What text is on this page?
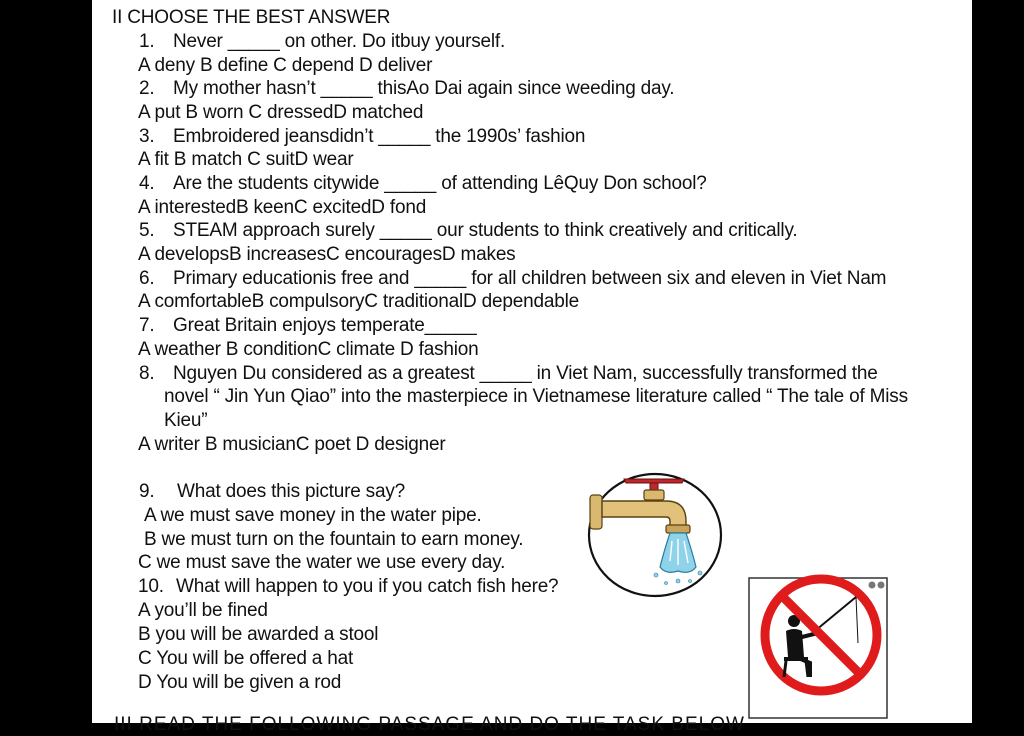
II CHOOSE THE BEST ANSWER
1. Never _____ on other. Do itbuy yourself.
A deny B define C depend D deliver
2. My mother hasn’t _____ thisAo Dai again since weeding day.
A put B worn C dressedD matched
3. Embroidered jeansdidn’t _____ the 1990s’ fashion
A fit B match C suitD wear
4. Are the students citywide _____ of attending LêQuy Don school?
A interestedB keenC excitedD fond
5. STEAM approach surely _____ our students to think creatively and critically.
A developsB increasesC encouragesD makes
6. Primary educationis free and _____ for all children between six and eleven in Viet Nam
A comfortableB compulsoryC traditionalD dependable
7. Great Britain enjoys temperate_____
A weather B conditionC climate D fashion
8. Nguyen Du considered as a greatest _____ in Viet Nam, successfully transformed the
novel “ Jin Yun Qiao” into the masterpiece in Vietnamese literature called “ The tale of Miss
Kieu”
A writer B musicianC poet D designer
9. What does this picture say?
A we must save money in the water pipe.
B we must turn on the fountain to earn money.
C we must save the water we use every day.
10. What will happen to you if you catch fish here?
A you’ll be fined
B you will be awarded a stool
C You will be offered a hat
D You will be given a rod
III READ THE FOLLOWING PASSAGE AND DO THE TASK BELOW
